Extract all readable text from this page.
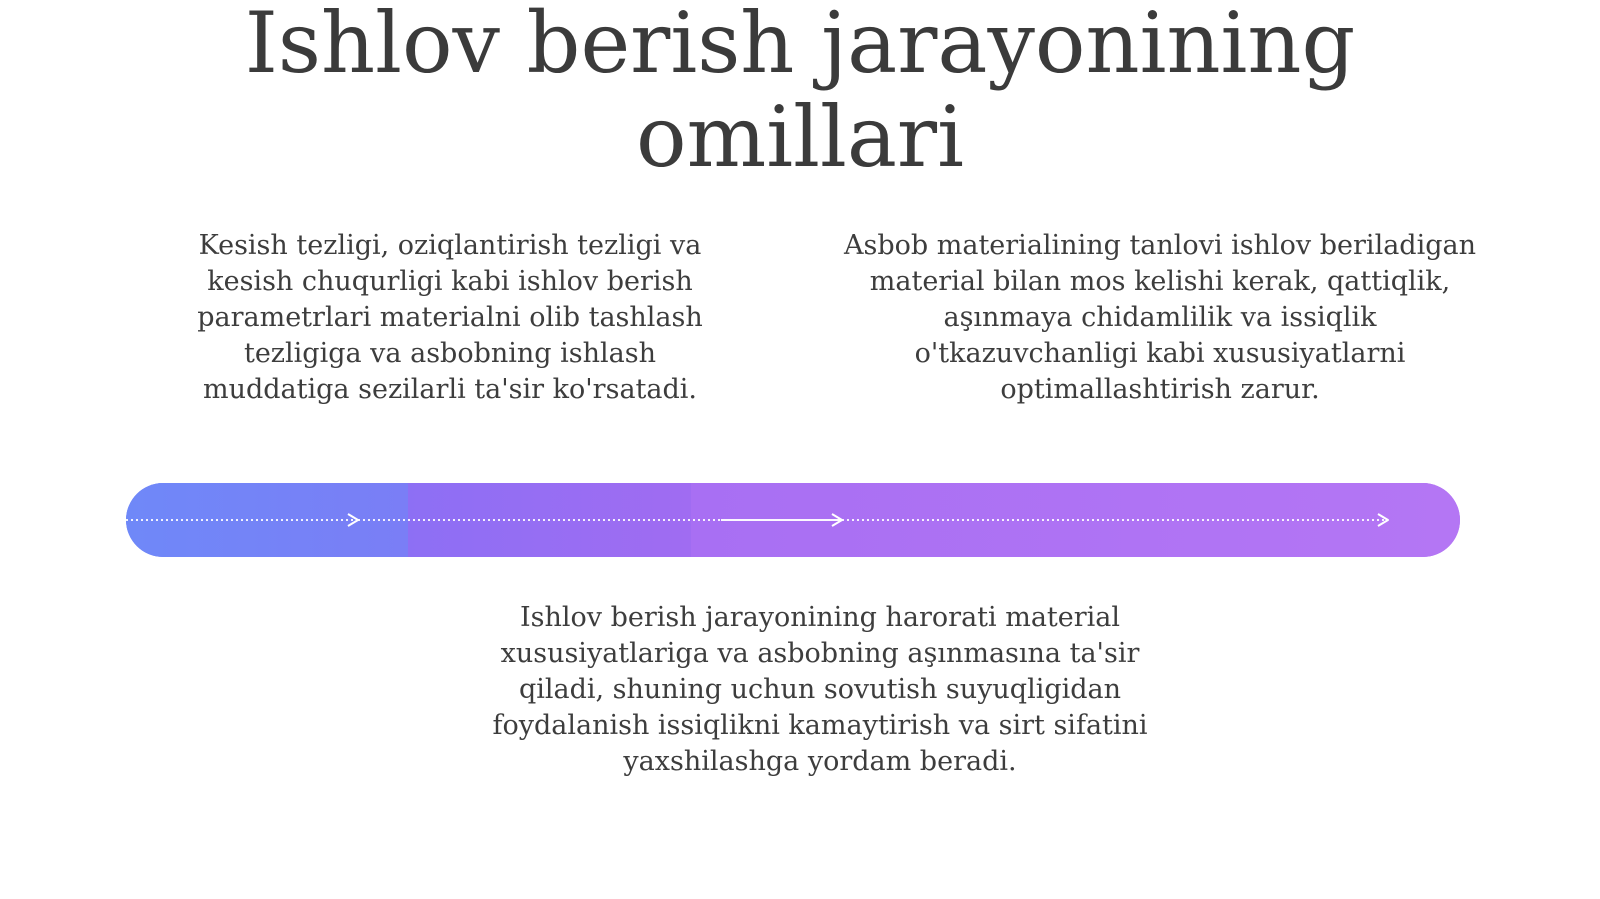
Ishlov berish jarayonining
omillari

Kesish tezligi, oziqlantirish tezligi va kesish chuqurligi kabi ishlov berish parametrlari materialni olib tashlash tezligiga va asbobning ishlash muddatiga sezilarli ta'sir ko'rsatadi.

Asbob materialining tanlovi ishlov beriladigan material bilan mos kelishi kerak, qattiqlik, aşınmaya chidamlilik va issiqlik o'tkazuvchanligi kabi xususiyatlarni optimallashtirish zarur.

Ishlov berish jarayonining harorati material xususiyatlariga va asbobning aşınmasına ta'sir qiladi, shuning uchun sovutish suyuqligidan foydalanish issiqlikni kamaytirish va sirt sifatini yaxshilashga yordam beradi.
